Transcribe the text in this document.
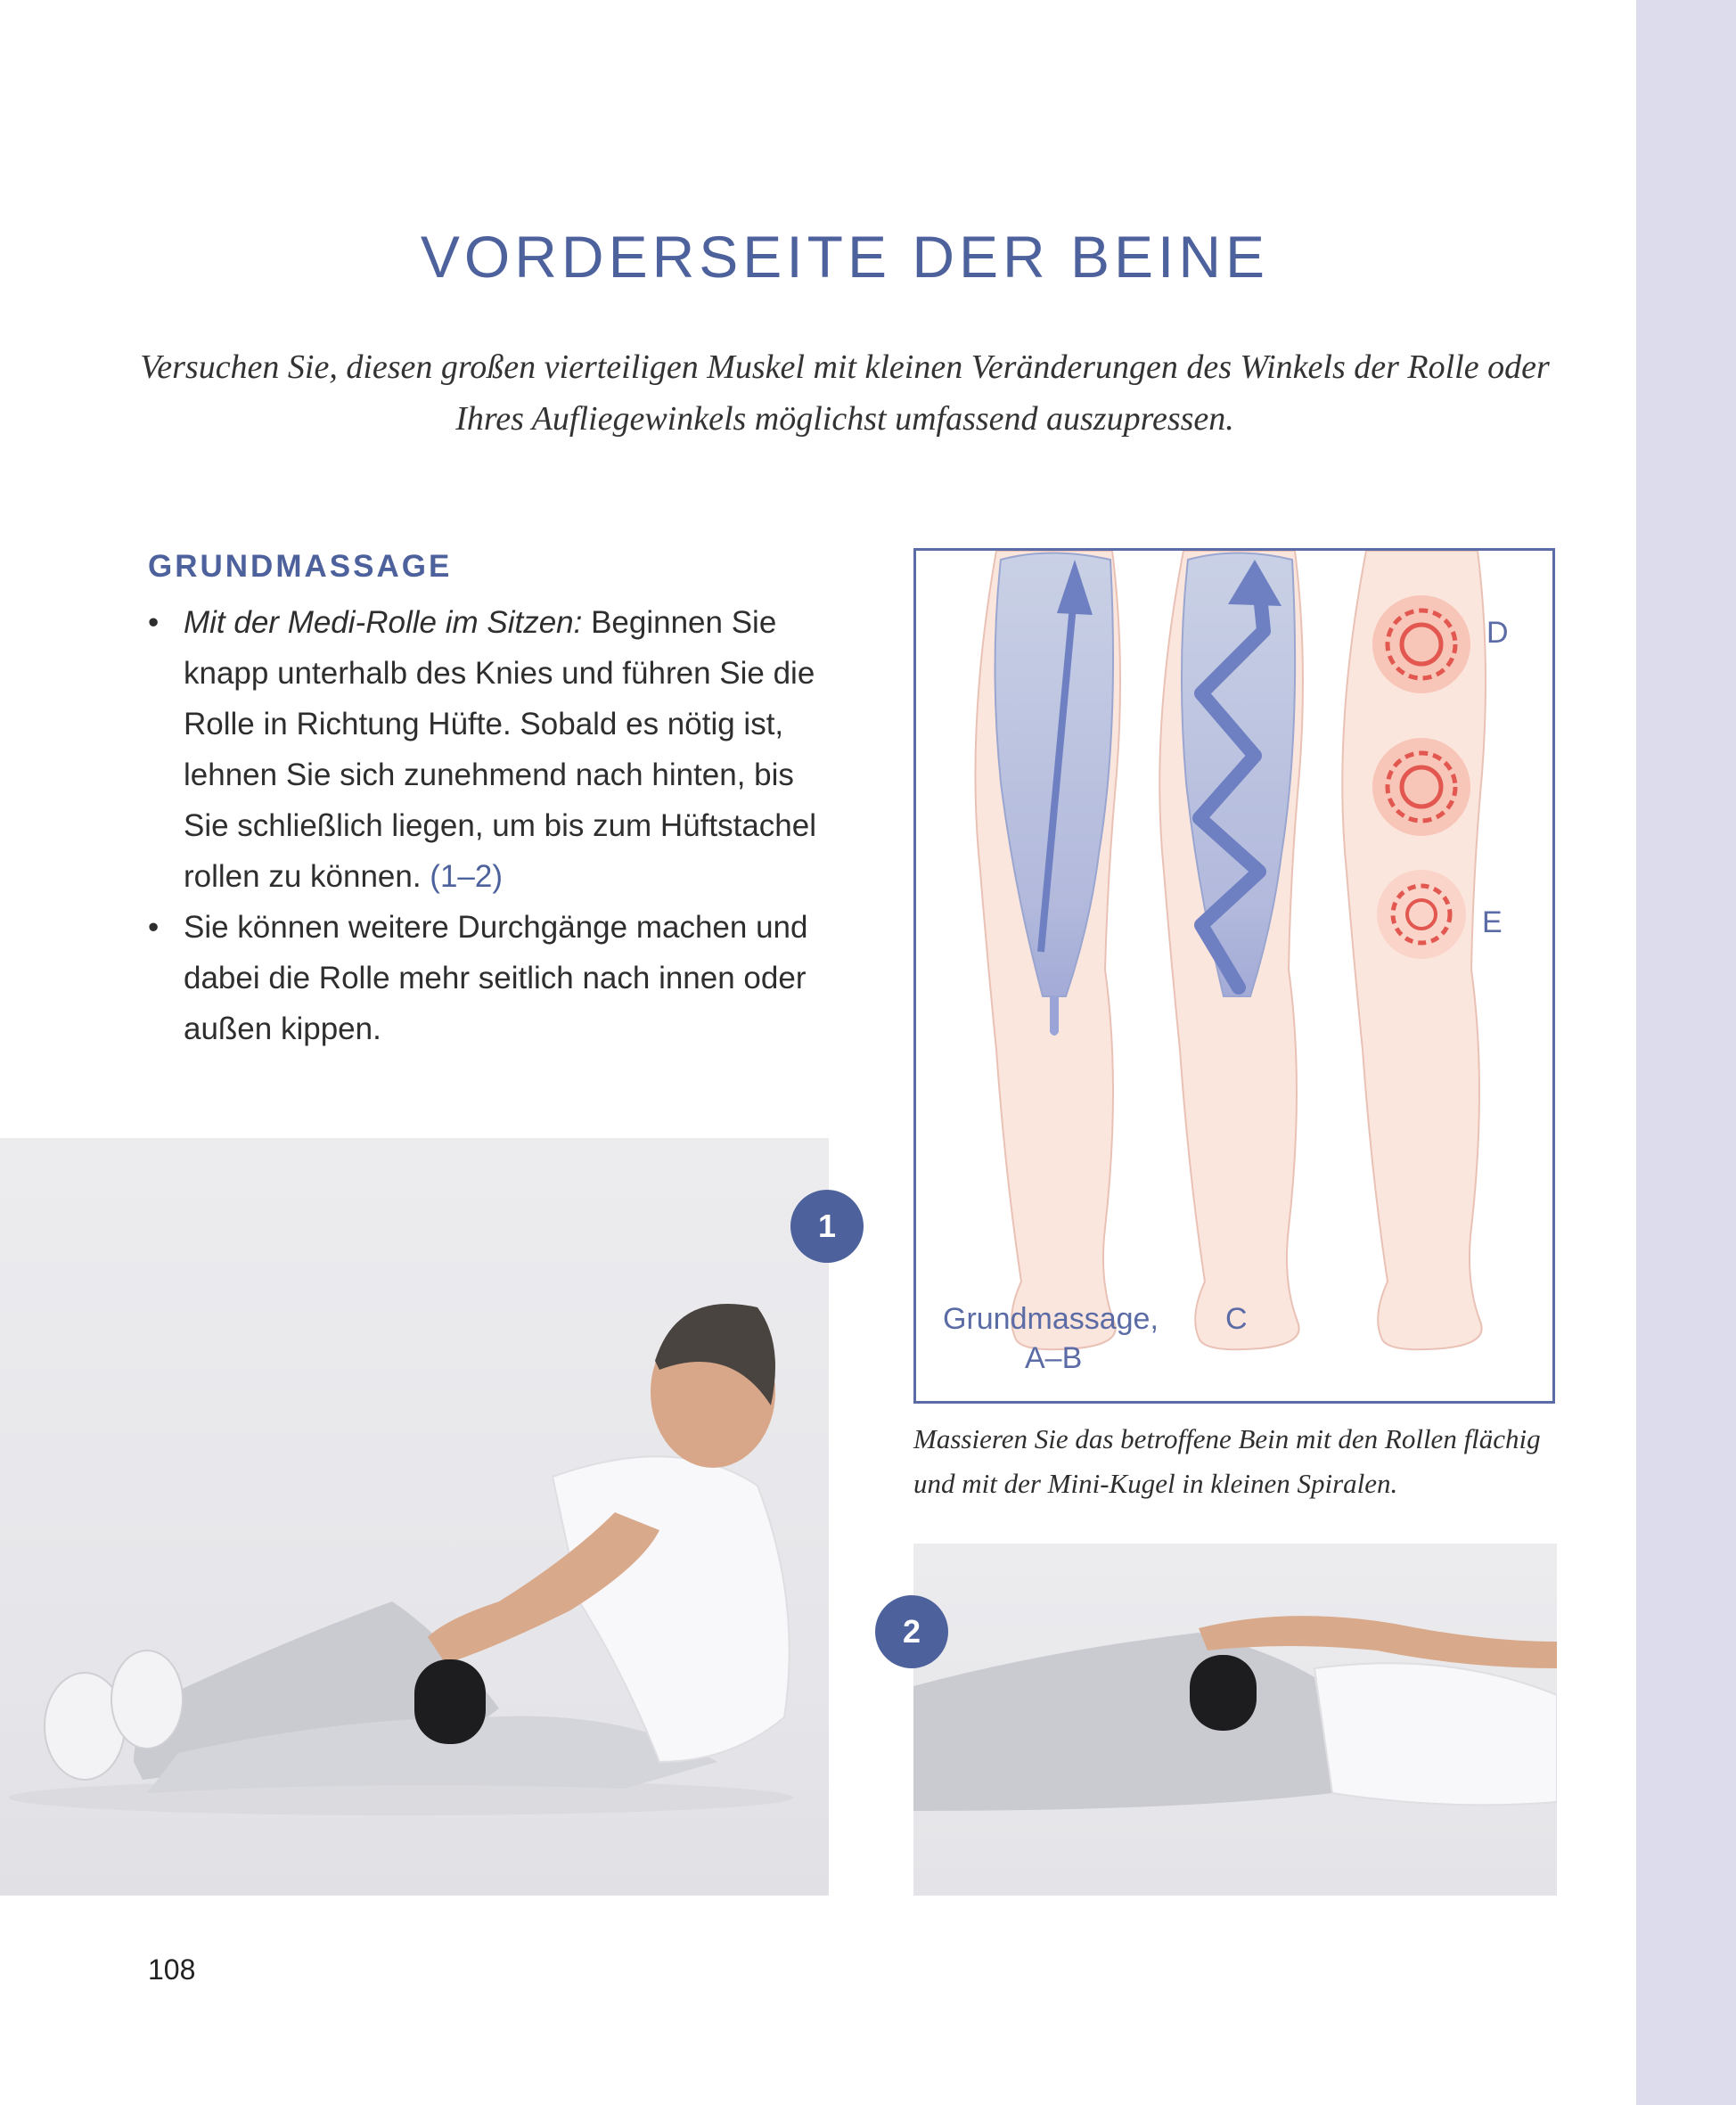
VORDERSEITE DER BEINE
Versuchen Sie, diesen großen vierteiligen Muskel mit kleinen Veränderungen des Winkels der Rolle oder Ihres Aufliegewinkels möglichst umfassend auszupressen.
GRUNDMASSAGE
• Mit der Medi-Rolle im Sitzen: Beginnen Sie knapp unterhalb des Knies und führen Sie die Rolle in Richtung Hüfte. Sobald es nötig ist, lehnen Sie sich zunehmend nach hinten, bis Sie schließlich liegen, um bis zum Hüftstachel rollen zu können. (1–2)
• Sie können weitere Durchgänge machen und dabei die Rolle mehr seitlich nach innen oder außen kippen.
D
E
Grundmassage,
A–B
C
Massieren Sie das betroffene Bein mit den Rollen flächig und mit der Mini-Kugel in kleinen Spiralen.
1
2
108
